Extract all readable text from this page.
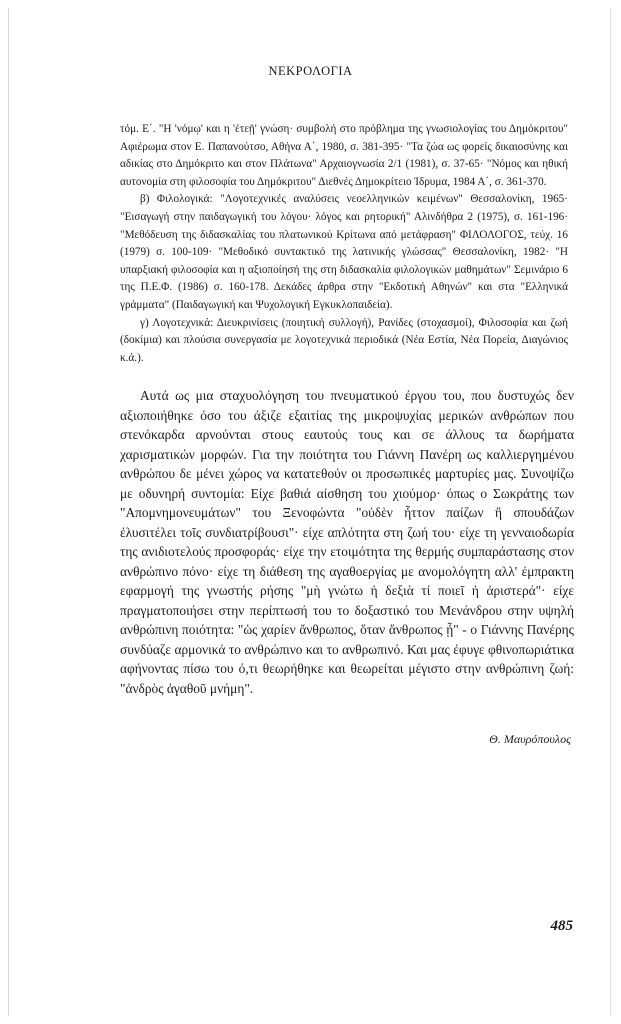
ΝΕΚΡΟΛΟΓΙΑ

τόμ. Ε΄. "Η 'νόμῳ' και η 'ἐτεῇ' γνώση· συμβολή στο πρόβλημα της γνωσιολογίας του Δημόκριτου" Αφιέρωμα στον Ε. Παπανούτσο, Αθήνα Α΄, 1980, σ. 381-395· "Τα ζώα ως φορείς δικαιοσύνης και αδικίας στο Δημόκριτο και στον Πλάτωνα" Αρχαιογνωσία 2/1 (1981), σ. 37-65· "Νόμος και ηθική αυτονομία στη φιλοσοφία του Δημόκριτου" Διεθνές Δημοκρίτειο Ίδρυμα, 1984 Α΄, σ. 361-370.

β) Φιλολογικά: "Λογοτεχνικές αναλύσεις νεοελληνικών κειμένων" Θεσσαλονίκη, 1965· "Εισαγωγή στην παιδαγωγική του λόγου· λόγος και ρητορική" Αλινδήθρα 2 (1975), σ. 161-196· "Μεθόδευση της διδασκαλίας του πλατωνικού Κρίτωνα από μετάφραση" ΦΙΛΟΛΟΓΟΣ, τεύχ. 16 (1979) σ. 100-109· "Μεθοδικό συντακτικό της λατινικής γλώσσας" Θεσσαλονίκη, 1982· "Η υπαρξιακή φιλοσοφία και η αξιοποίησή της στη διδασκαλία φιλολογικών μαθημάτων" Σεμινάριο 6 της Π.Ε.Φ. (1986) σ. 160-178. Δεκάδες άρθρα στην "Εκδοτική Αθηνών" και στα "Ελληνικά γράμματα" (Παιδαγωγική και Ψυχολογική Εγκυκλοπαιδεία).

γ) Λογοτεχνικά: Διευκρινίσεις (ποιητική συλλογή), Ρανίδες (στοχασμοί), Φιλοσοφία και ζωή (δοκίμια) και πλούσια συνεργασία με λογοτεχνικά περιοδικά (Νέα Εστία, Νέα Πορεία, Διαγώνιος κ.ά.).

Αυτά ως μια σταχυολόγηση του πνευματικού έργου του, που δυστυχώς δεν αξιοποιήθηκε όσο του άξιζε εξαιτίας της μικροψυχίας μερικών ανθρώπων που στενόκαρδα αρνούνται στους εαυτούς τους και σε άλλους τα δωρήματα χαρισματικών μορφών. Για την ποιότητα του Γιάννη Πανέρη ως καλλιεργημένου ανθρώπου δε μένει χώρος να κατατεθούν οι προσωπικές μαρτυρίες μας. Συνοψίζω με οδυνηρή συντομία: Είχε βαθιά αίσθηση του χιούμορ· όπως ο Σωκράτης των "Απομνημονευμάτων" του Ξενοφώντα "οὐδὲν ἧττον παίζων ἢ σπουδάζων ἐλυσιτέλει τοῖς συνδιατρίβουσι"· είχε απλότητα στη ζωή του· είχε τη γενναιοδωρία της ανιδιοτελούς προσφοράς· είχε την ετοιμότητα της θερμής συμπαράστασης στον ανθρώπινο πόνο· είχε τη διάθεση της αγαθοεργίας με ανομολόγητη αλλ' έμπρακτη εφαρμογή της γνωστής ρήσης "μὴ γνώτω ἡ δεξιὰ τί ποιεῖ ἡ ἀριστερά"· είχε πραγματοποιήσει στην περίπτωσή του το δοξαστικό του Μενάνδρου στην υψηλή ανθρώπινη ποιότητα: "ὡς χαρίεν ἄνθρωπος, ὅταν ἄνθρωπος ᾖ" - ο Γιάννης Πανέρης συνδύαζε αρμονικά το ανθρώπινο και το ανθρωπινό. Και μας έφυγε φθινοπωριάτικα αφήνοντας πίσω του ό,τι θεωρήθηκε και θεωρείται μέγιστο στην ανθρώπινη ζωή: "ἀνδρὸς ἀγαθοῦ μνήμη".

Θ. Μαυρόπουλος
485
